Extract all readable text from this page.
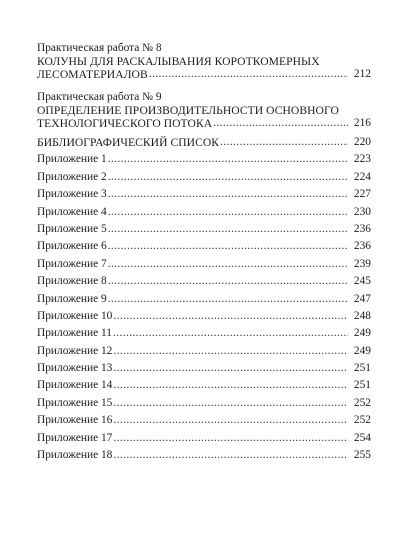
Практическая работа № 8
КОЛУНЫ ДЛЯ РАСКАЛЫВАНИЯ КОРОТКОМЕРНЫХ
ЛЕСОМАТЕРИАЛОВ .....	212
Практическая работа № 9
ОПРЕДЕЛЕНИЕ ПРОИЗВОДИТЕЛЬНОСТИ ОСНОВНОГО
ТЕХНОЛОГИЧЕСКОГО ПОТОКА .....	216
БИБЛИОГРАФИЧЕСКИЙ СПИСОК .....	220
Приложение 1 .....	223
Приложение 2 .....	224
Приложение 3 .....	227
Приложение 4 .....	230
Приложение 5 .....	236
Приложение 6 .....	236
Приложение 7 .....	239
Приложение 8 .....	245
Приложение 9 .....	247
Приложение 10 .....	248
Приложение 11 .....	249
Приложение 12 .....	249
Приложение 13 .....	251
Приложение 14 .....	251
Приложение 15 .....	252
Приложение 16 .....	252
Приложение 17 .....	254
Приложение 18 .....	255
